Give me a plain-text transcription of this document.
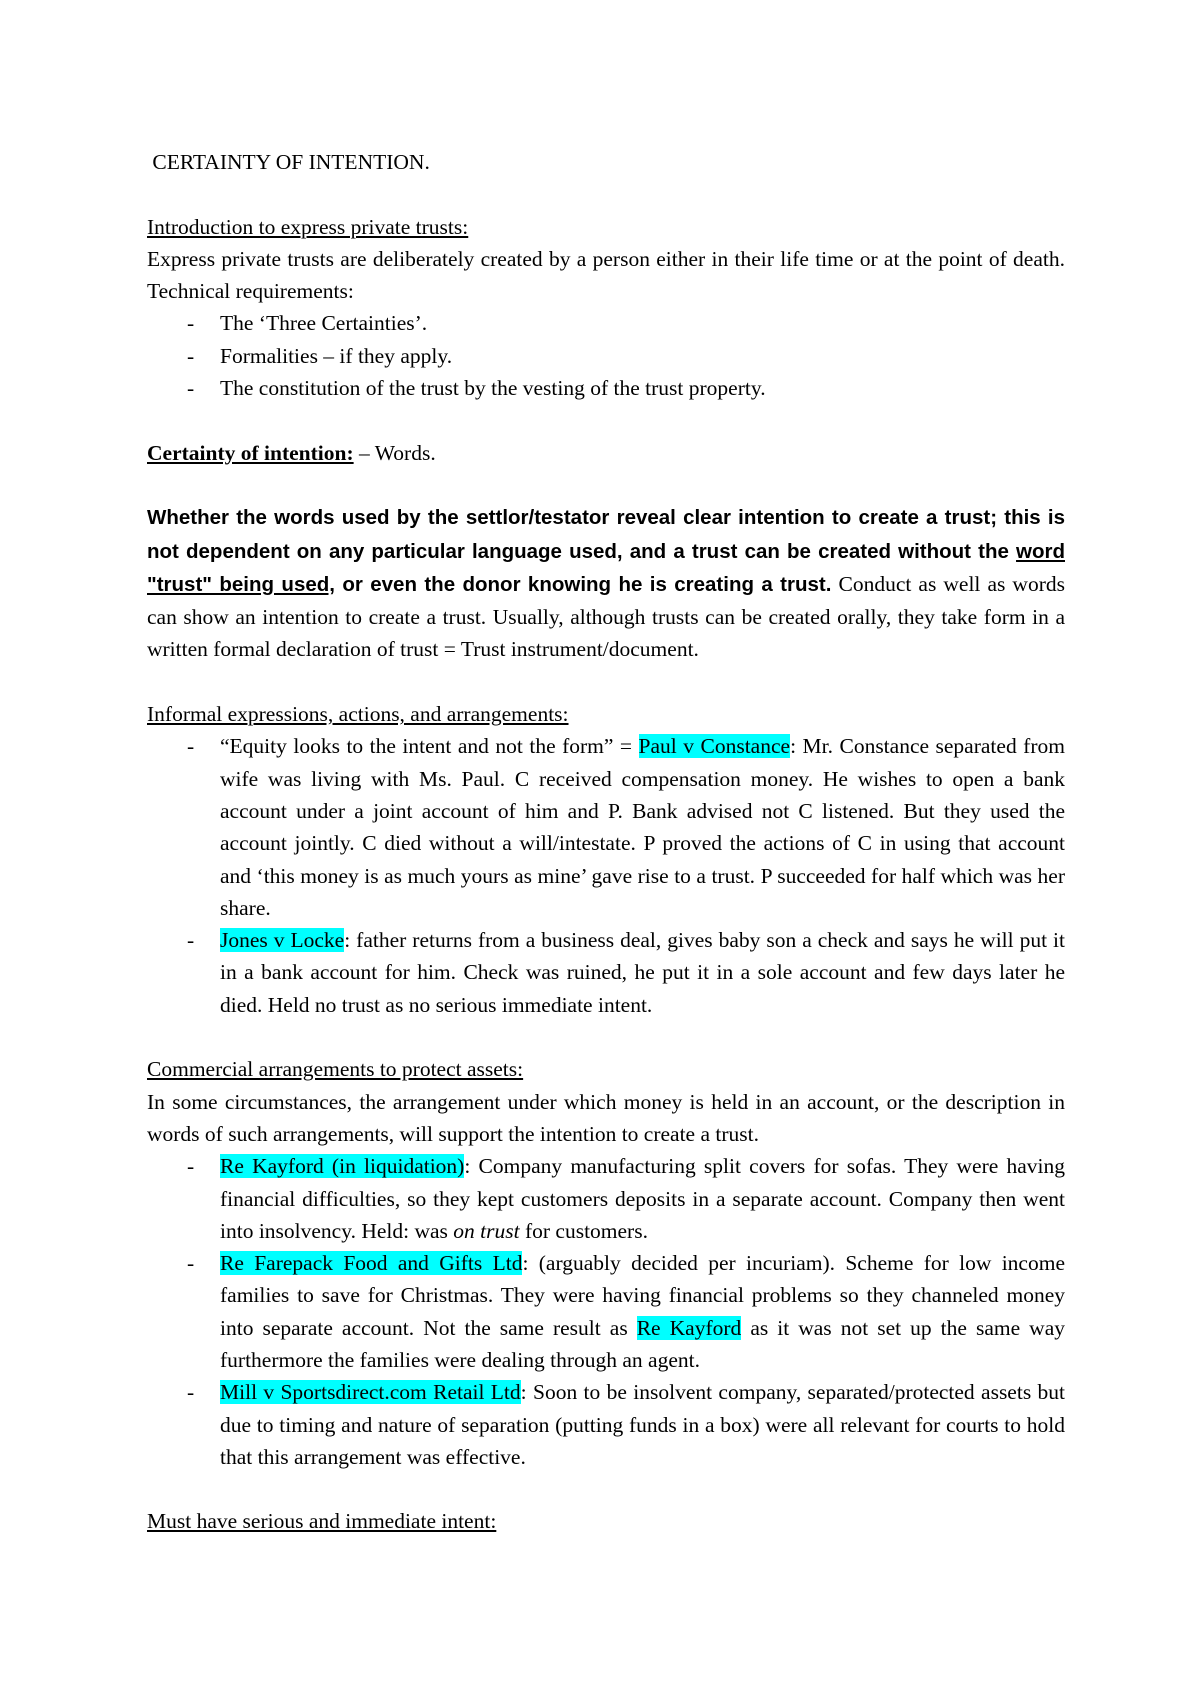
CERTAINTY OF INTENTION.

Introduction to express private trusts:

Express private trusts are deliberately created by a person either in their life time or at the point of death. Technical requirements:

- The ‘Three Certainties’.
- Formalities – if they apply.
- The constitution of the trust by the vesting of the trust property.

Certainty of intention: – Words.

Whether the words used by the settlor/testator reveal clear intention to create a trust; this is not dependent on any particular language used, and a trust can be created without the word "trust" being used, or even the donor knowing he is creating a trust. Conduct as well as words can show an intention to create a trust. Usually, although trusts can be created orally, they take form in a written formal declaration of trust = Trust instrument/document.

Informal expressions, actions, and arrangements:

- “Equity looks to the intent and not the form” = Paul v Constance: Mr. Constance separated from wife was living with Ms. Paul. C received compensation money. He wishes to open a bank account under a joint account of him and P. Bank advised not C listened. But they used the account jointly. C died without a will/intestate. P proved the actions of C in using that account and ‘this money is as much yours as mine’ gave rise to a trust. P succeeded for half which was her share.
- Jones v Locke: father returns from a business deal, gives baby son a check and says he will put it in a bank account for him. Check was ruined, he put it in a sole account and few days later he died. Held no trust as no serious immediate intent.

Commercial arrangements to protect assets:

In some circumstances, the arrangement under which money is held in an account, or the description in words of such arrangements, will support the intention to create a trust.

- Re Kayford (in liquidation): Company manufacturing split covers for sofas. They were having financial difficulties, so they kept customers deposits in a separate account. Company then went into insolvency. Held: was on trust for customers.
- Re Farepack Food and Gifts Ltd: (arguably decided per incuriam). Scheme for low income families to save for Christmas. They were having financial problems so they channeled money into separate account. Not the same result as Re Kayford as it was not set up the same way furthermore the families were dealing through an agent.
- Mill v Sportsdirect.com Retail Ltd: Soon to be insolvent company, separated/protected assets but due to timing and nature of separation (putting funds in a box) were all relevant for courts to hold that this arrangement was effective.

Must have serious and immediate intent:
